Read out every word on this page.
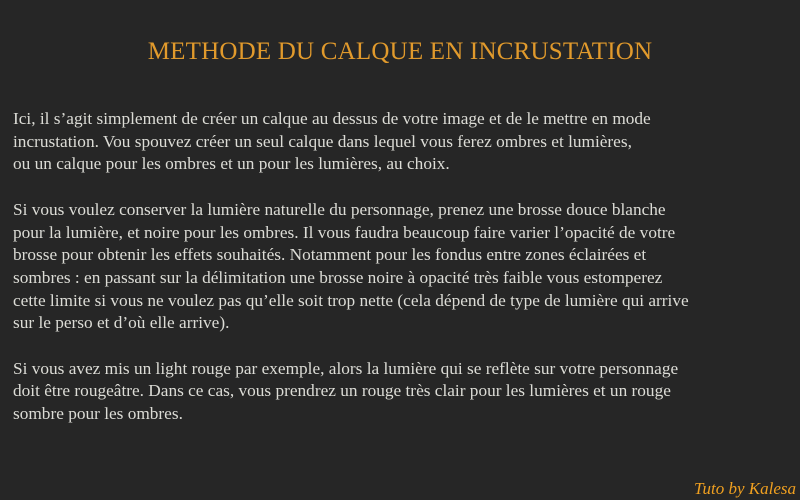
METHODE DU CALQUE EN INCRUSTATION

Ici, il s’agit simplement de créer un calque au dessus de votre image et de le mettre en mode
incrustation. Vou spouvez créer un seul calque dans lequel vous ferez ombres et lumières,
ou un calque pour les ombres et un pour les lumières, au choix.

Si vous voulez conserver la lumière naturelle du personnage, prenez une brosse douce blanche
pour la lumière, et noire pour les ombres. Il vous faudra beaucoup faire varier l’opacité de votre
brosse pour obtenir les effets souhaités. Notamment pour les fondus entre zones éclairées et
sombres : en passant sur la délimitation une brosse noire à opacité très faible vous estomperez
cette limite si vous ne voulez pas qu’elle soit trop nette (cela dépend de type de lumière qui arrive
sur le perso et d’où elle arrive).

Si vous avez mis un light rouge par exemple, alors la lumière qui se reflète sur votre personnage
doit être rougeâtre. Dans ce cas, vous prendrez un rouge très clair pour les lumières et un rouge
sombre pour les ombres.

Tuto by Kalesa
